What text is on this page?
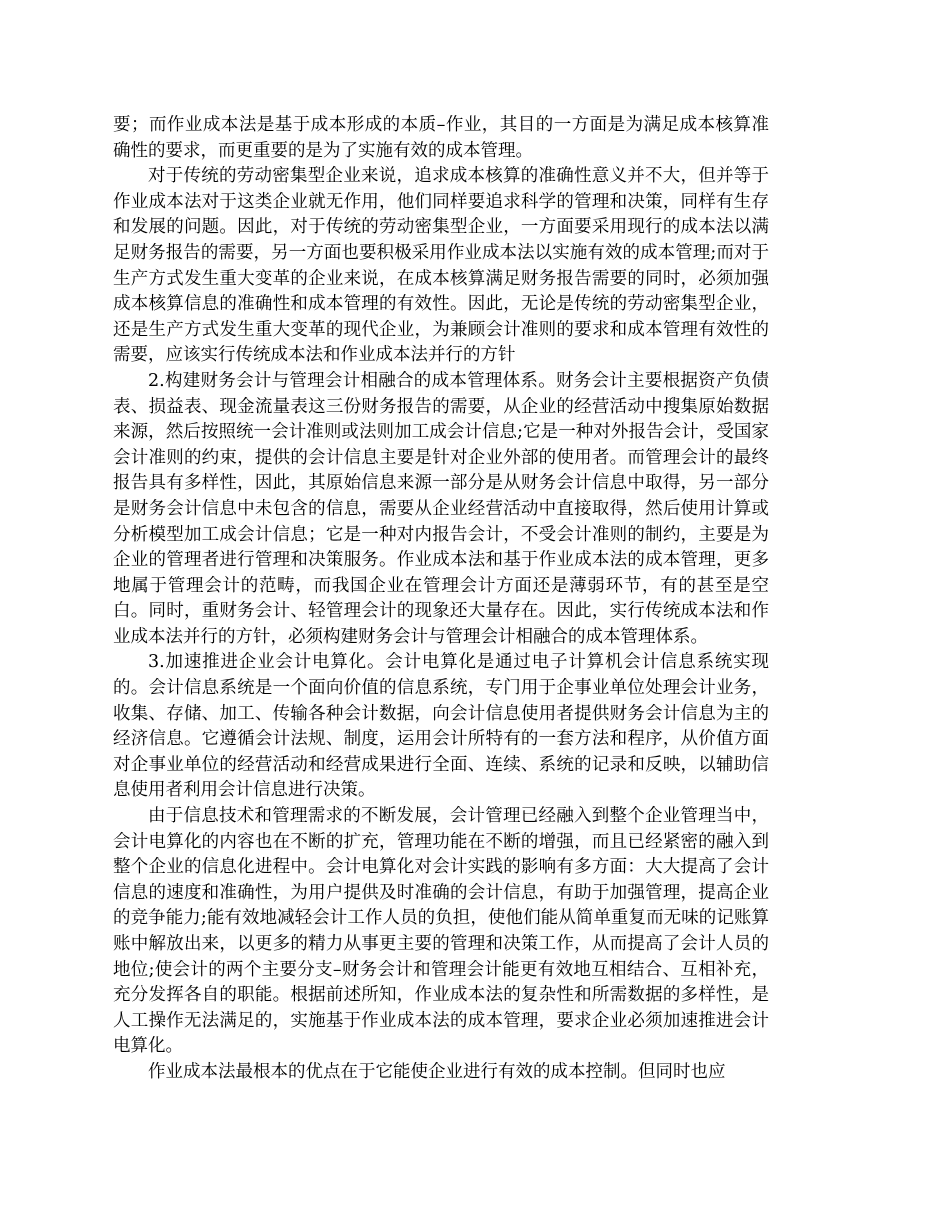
要；而作业成本法是基于成本形成的本质–作业，其目的一方面是为满足成本核算准确性的要求，而更重要的是为了实施有效的成本管理。

对于传统的劳动密集型企业来说，追求成本核算的准确性意义并不大，但并等于作业成本法对于这类企业就无作用，他们同样要追求科学的管理和决策，同样有生存和发展的问题。因此，对于传统的劳动密集型企业，一方面要采用现行的成本法以满足财务报告的需要，另一方面也要积极采用作业成本法以实施有效的成本管理;而对于生产方式发生重大变革的企业来说，在成本核算满足财务报告需要的同时，必须加强成本核算信息的准确性和成本管理的有效性。因此，无论是传统的劳动密集型企业，还是生产方式发生重大变革的现代企业，为兼顾会计准则的要求和成本管理有效性的需要，应该实行传统成本法和作业成本法并行的方针

2.构建财务会计与管理会计相融合的成本管理体系。财务会计主要根据资产负债表、损益表、现金流量表这三份财务报告的需要，从企业的经营活动中搜集原始数据来源，然后按照统一会计准则或法则加工成会计信息;它是一种对外报告会计，受国家会计准则的约束，提供的会计信息主要是针对企业外部的使用者。而管理会计的最终报告具有多样性，因此，其原始信息来源一部分是从财务会计信息中取得，另一部分是财务会计信息中未包含的信息，需要从企业经营活动中直接取得，然后使用计算或分析模型加工成会计信息；它是一种对内报告会计，不受会计准则的制约，主要是为企业的管理者进行管理和决策服务。作业成本法和基于作业成本法的成本管理，更多地属于管理会计的范畴，而我国企业在管理会计方面还是薄弱环节，有的甚至是空白。同时，重财务会计、轻管理会计的现象还大量存在。因此，实行传统成本法和作业成本法并行的方针，必须构建财务会计与管理会计相融合的成本管理体系。

3.加速推进企业会计电算化。会计电算化是通过电子计算机会计信息系统实现的。会计信息系统是一个面向价值的信息系统，专门用于企事业单位处理会计业务，收集、存储、加工、传输各种会计数据，向会计信息使用者提供财务会计信息为主的经济信息。它遵循会计法规、制度，运用会计所特有的一套方法和程序，从价值方面对企事业单位的经营活动和经营成果进行全面、连续、系统的记录和反映，以辅助信息使用者利用会计信息进行决策。

由于信息技术和管理需求的不断发展，会计管理已经融入到整个企业管理当中，会计电算化的内容也在不断的扩充，管理功能在不断的增强，而且已经紧密的融入到整个企业的信息化进程中。会计电算化对会计实践的影响有多方面：大大提高了会计信息的速度和准确性，为用户提供及时准确的会计信息，有助于加强管理，提高企业的竞争能力;能有效地减轻会计工作人员的负担，使他们能从简单重复而无味的记账算账中解放出来，以更多的精力从事更主要的管理和决策工作，从而提高了会计人员的地位;使会计的两个主要分支–财务会计和管理会计能更有效地互相结合、互相补充，充分发挥各自的职能。根据前述所知，作业成本法的复杂性和所需数据的多样性，是人工操作无法满足的，实施基于作业成本法的成本管理，要求企业必须加速推进会计电算化。

作业成本法最根本的优点在于它能使企业进行有效的成本控制。但同时也应
